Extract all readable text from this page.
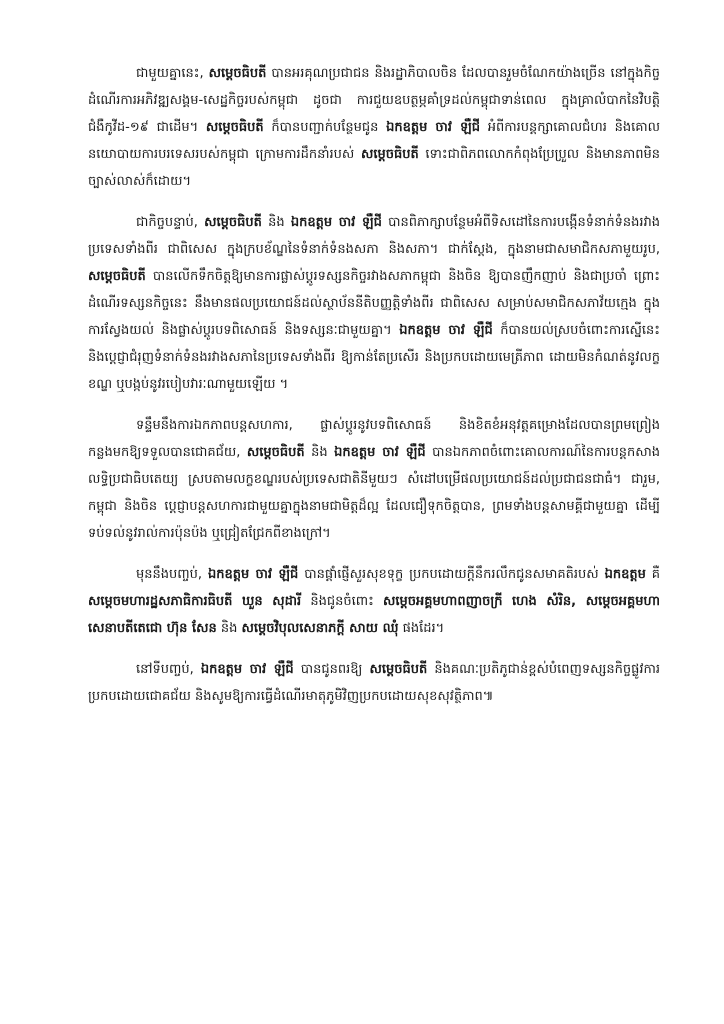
ជាមួយគ្នានេះ, សម្ដេចធិបតី បានអរគុណប្រជាជន និងរដ្ឋាភិបាលចិន ដែលបានរួមចំណែកយ៉ាងច្រើន នៅក្នុងកិច្ចដំណើរការអភិវឌ្ឍសង្គម-សេដ្ឋកិច្ចរបស់កម្ពុជា ដូចជា ការជួយឧបត្ថម្ភគាំទ្រដល់កម្ពុជាទាន់ពេល ក្នុងគ្រាលំបាកនៃវិបត្តិជំងឺកូវីដ-១៩ ជាដើម។ សម្ដេចធិបតី ក៏បានបញ្ជាក់បន្ថែមជូន ឯកឧត្តម ចាវ ឡឺជី អំពីការបន្តក្សាគោលជំហរ និងគោលនយោបាយការបរទេសរបស់កម្ពុជា ក្រោមការដឹកនាំរបស់ សម្ដេចធិបតី ទោះជាពិភពលោកកំពុងប្រែប្រួល និងមានភាពមិនច្បាស់លាស់ក៏ដោយ។

ជាកិច្ចបន្ទាប់, សម្ដេចធិបតី និង ឯកឧត្តម ចាវ ឡឺជី បានពិភាក្សាបន្ថែមអំពីទិសដៅនៃការបង្កើនទំនាក់ទំនងរវាងប្រទេសទាំងពីរ ជាពិសេស ក្នុងក្របខ័ណ្ឌនៃទំនាក់ទំនងសភា និងសភា។ ជាក់ស្ដែង, ក្នុងនាមជាសមាជិកសភាមួយរូប, សម្ដេចធិបតី បានលើកទឹកចិត្តឱ្យមានការផ្លាស់ប្ដូរទស្សនកិច្ចរវាងសភាកម្ពុជា និងចិន ឱ្យបានញឹកញាប់ និងជាប្រចាំ ព្រោះដំណើរទស្សនកិច្ចនេះ នឹងមានផលប្រយោជន៍ដល់ស្ថាប័ននីតិបញ្ញត្តិទាំងពីរ ជាពិសេស សម្រាប់សមាជិកសភាវ័យក្មេង ក្នុងការស្វែងយល់ និងផ្លាស់ប្ដូរបទពិសោធន៍ និងទស្សនៈជាមួយគ្នា។ ឯកឧត្តម ចាវ ឡឺជី ក៏បានយល់ស្របចំពោះការស្នើនេះ និងប្ដេជ្ញាជំរុញទំនាក់ទំនងរវាងសភានៃប្រទេសទាំងពីរ ឱ្យកាន់តែប្រសើរ និងប្រកបដោយមេត្រីភាព ដោយមិនកំណត់នូវលក្ខខណ្ឌ ឬបង្កប់នូវរបៀបវារៈណាមួយឡើយ ។

ទន្ទឹមនឹងការឯកភាពបន្តសហការ, ផ្លាស់ប្ដូរនូវបទពិសោធន៍ និងខិតខំអនុវត្តគម្រោងដែលបានព្រមព្រៀងកន្លងមកឱ្យទទួលបានជោគជ័យ, សម្ដេចធិបតី និង ឯកឧត្តម ចាវ ឡឺជី បានឯកភាពចំពោះគោលការណ៍នៃការបន្តកសាងលទ្ធិប្រជាធិបតេយ្យ ស្របតាមលក្ខខណ្ឌរបស់ប្រទេសជាតិនីមួយៗ សំដៅបម្រើផលប្រយោជន៍ដល់ប្រជាជនជាធំ។ ជារួម, កម្ពុជា និងចិន ប្ដេជ្ញាបន្តសហការជាមួយគ្នាក្នុងនាមជាមិត្តដ៏ល្អ ដែលជឿទុកចិត្តបាន, ព្រមទាំងបន្តសាមគ្គីជាមួយគ្នា ដើម្បីទប់ទល់នូវរាល់ការប៉ុនប៉ង ឬជ្រៀតជ្រែកពីខាងក្រៅ។

មុននឹងបញ្ចប់, ឯកឧត្តម ចាវ ឡឺជី បានផ្ដាំផ្ញើសួរសុខទុក្ខ ប្រកបដោយក្ដីនឹករលឹកជូនសមាគតិរបស់ ឯកឧត្តម គឺ សម្ដេចមហារដ្ឋសភាធិការធិបតី ឃួន សុដារី និងជូនចំពោះ សម្ដេចអគ្គមហាពញាចក្រី ហេង សំរិន, សម្ដេចអគ្គមហាសេនាបតីតេជោ ហ៊ុន សែន និង សម្ដេចវិបុលសេនាភក្តី សាយ ឈុំ ផងដែរ។

នៅទីបញ្ចប់, ឯកឧត្តម ចាវ ឡឺជី បានជូនពរឱ្យ សម្ដេចធិបតី និងគណៈប្រតិភូជាន់ខ្ពស់បំពេញទស្សនកិច្ចផ្លូវការប្រកបដោយជោគជ័យ និងសូមឱ្យការធ្វើដំណើរមាតុភូមិវិញប្រកបដោយសុខសុវត្ថិភាព៕
